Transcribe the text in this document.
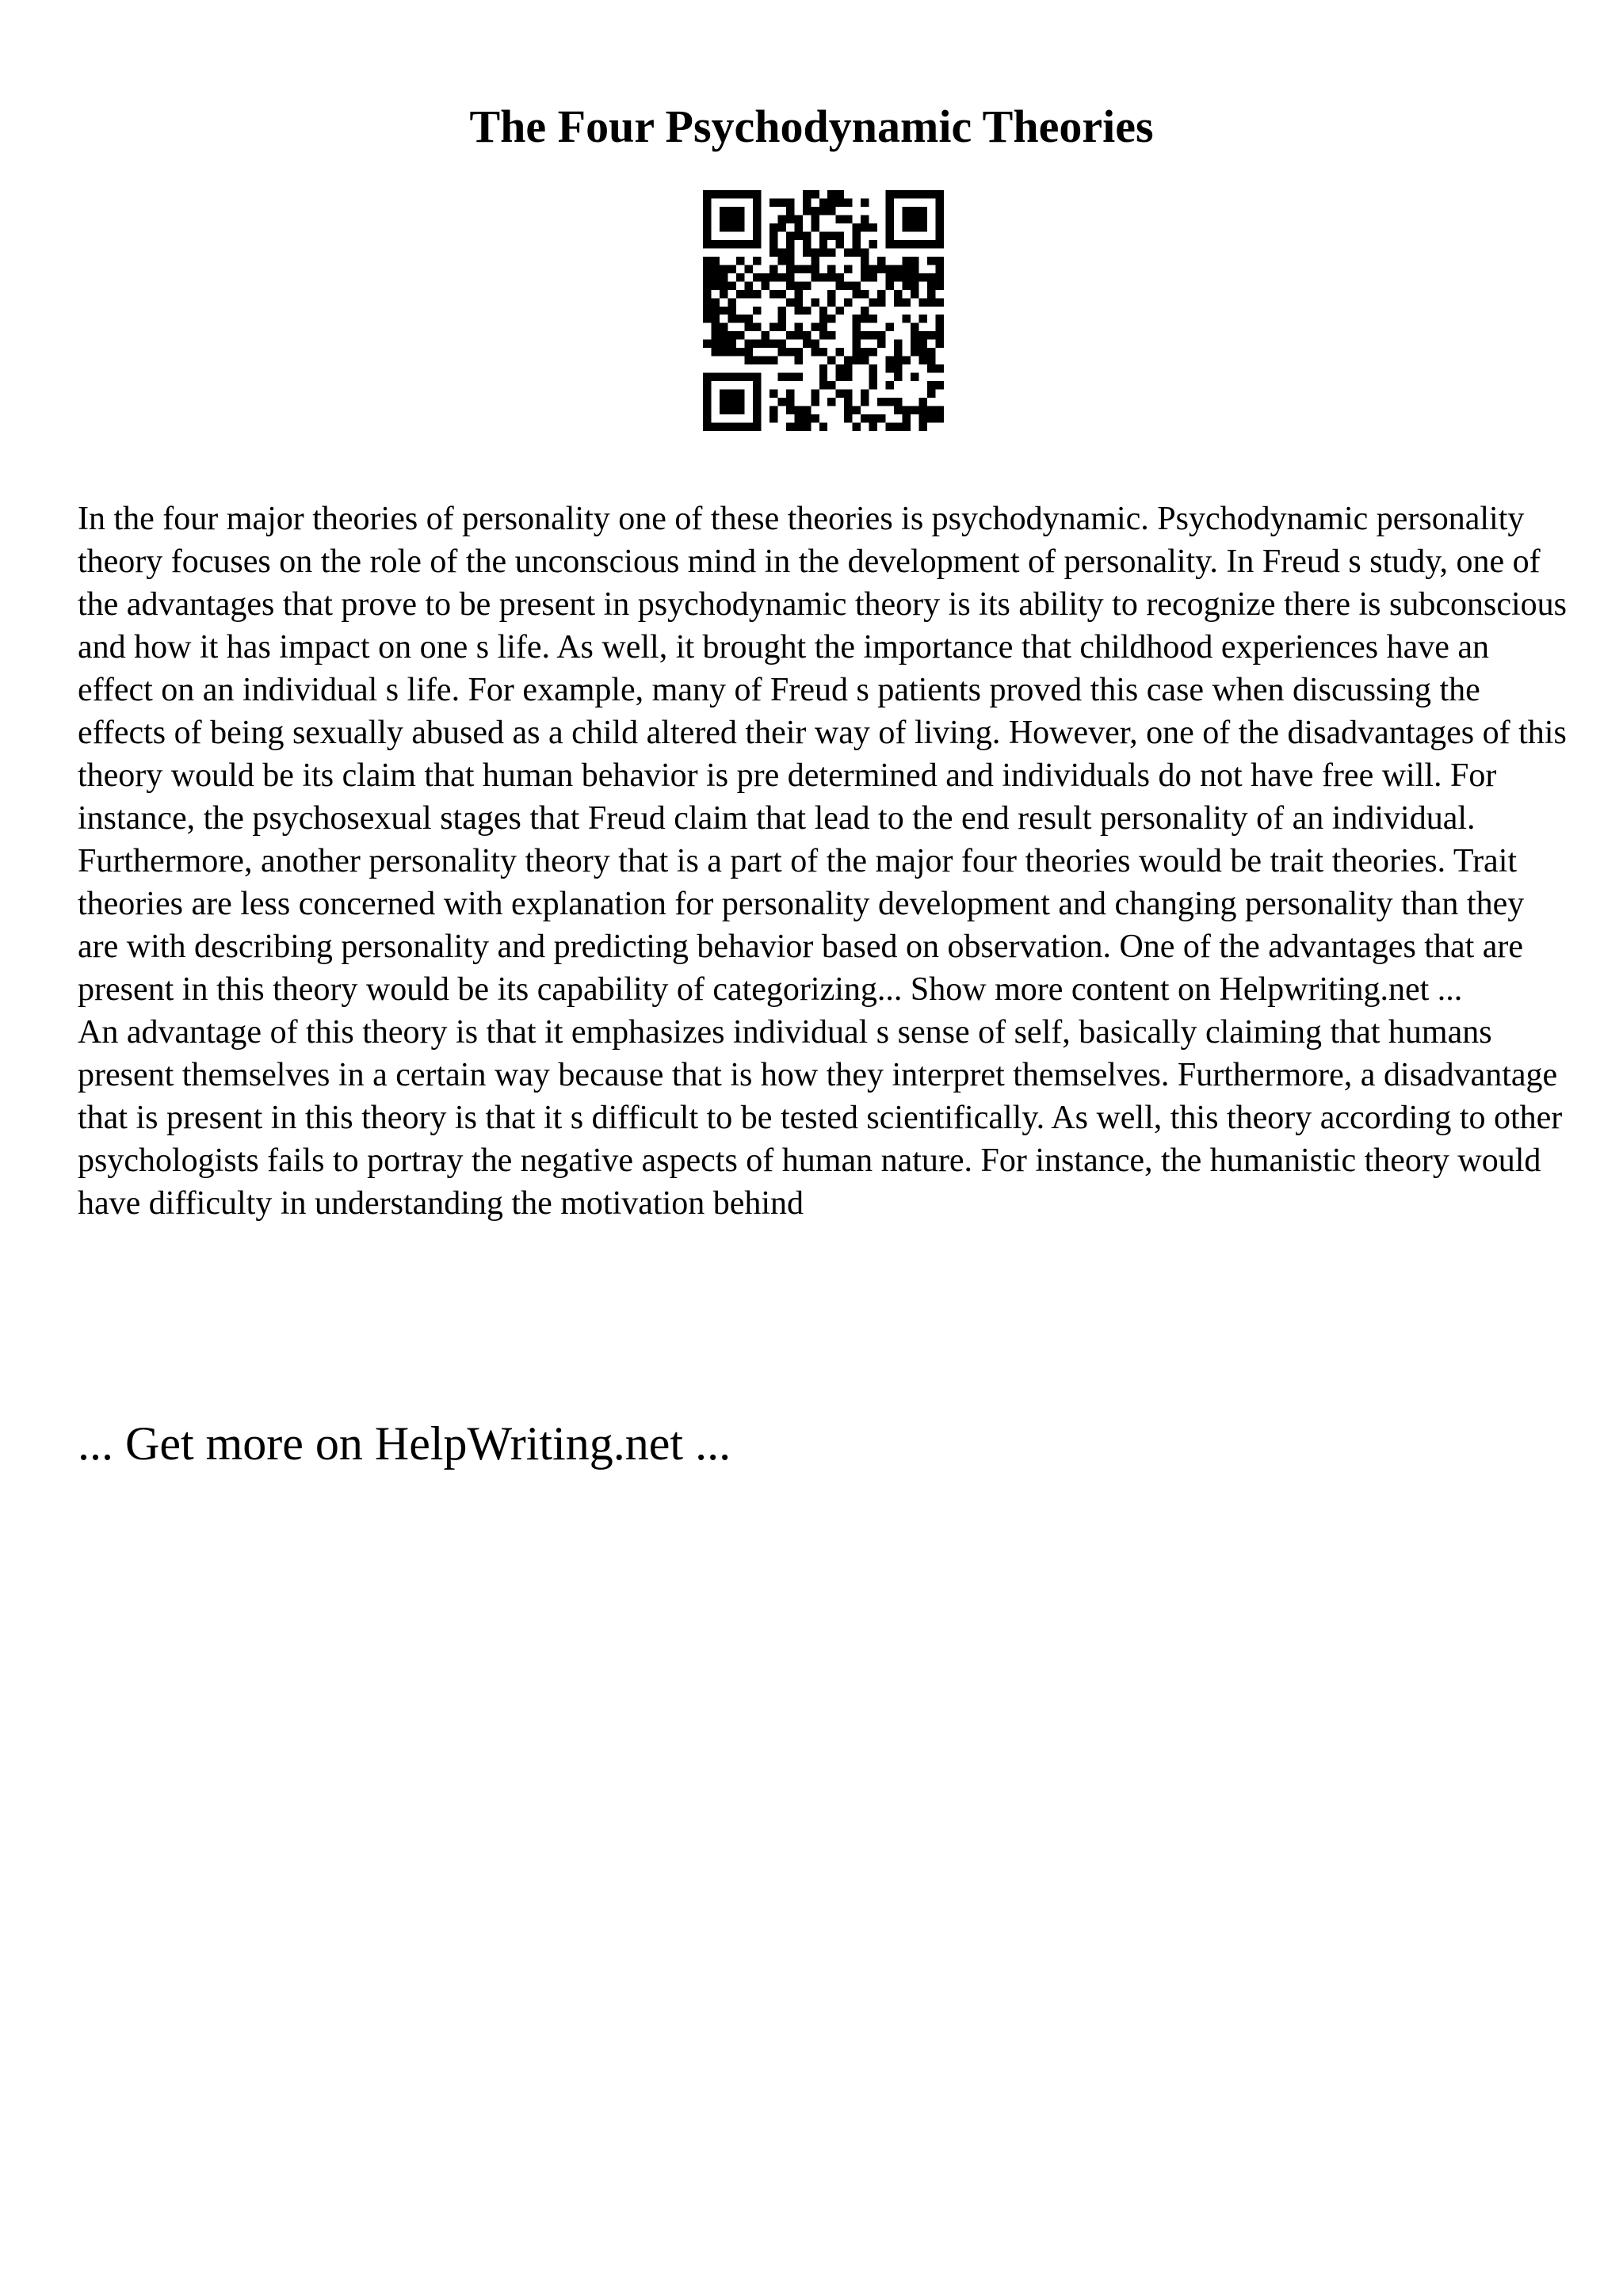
The Four Psychodynamic Theories

In the four major theories of personality one of these theories is psychodynamic. Psychodynamic personality theory focuses on the role of the unconscious mind in the development of personality. In Freud s study, one of the advantages that prove to be present in psychodynamic theory is its ability to recognize there is subconscious and how it has impact on one s life. As well, it brought the importance that childhood experiences have an effect on an individual s life. For example, many of Freud s patients proved this case when discussing the effects of being sexually abused as a child altered their way of living. However, one of the disadvantages of this theory would be its claim that human behavior is pre determined and individuals do not have free will. For instance, the psychosexual stages that Freud claim that lead to the end result personality of an individual. Furthermore, another personality theory that is a part of the major four theories would be trait theories. Trait theories are less concerned with explanation for personality development and changing personality than they are with describing personality and predicting behavior based on observation. One of the advantages that are present in this theory would be its capability of categorizing... Show more content on Helpwriting.net ...

An advantage of this theory is that it emphasizes individual s sense of self, basically claiming that humans present themselves in a certain way because that is how they interpret themselves. Furthermore, a disadvantage that is present in this theory is that it s difficult to be tested scientifically. As well, this theory according to other psychologists fails to portray the negative aspects of human nature. For instance, the humanistic theory would have difficulty in understanding the motivation behind

... Get more on HelpWriting.net ...
